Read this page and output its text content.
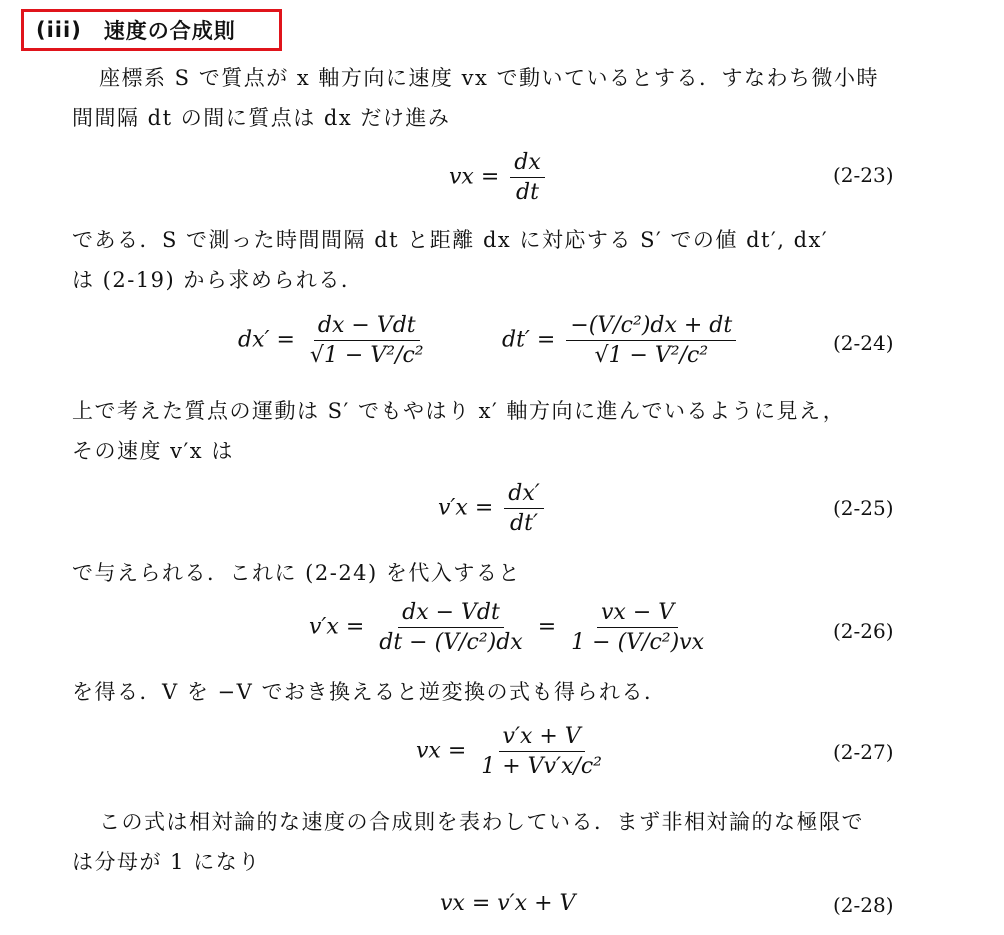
(iii) 速度の合成則
座標系 S で質点が x 軸方向に速度 vx で動いているとする．すなわち微小時
間間隔 dt の間に質点は dx だけ進み
vx = $\frac{dx}{dt}$	(2-23)
である．S で測った時間間隔 dt と距離 dx に対応する S′ での値 dt′, dx′
は (2-19) から求められる．
$dx' = \frac{\text{dx − Vdt}}{\text{√1 − V²/c²}}$	$dt' = \frac{\text{−(V/c²)dx + dt}}{\text{√1 − V²/c²}}$	(2-24)
上で考えた質点の運動は S′ でもやはり x′ 軸方向に進んでいるように見え，
その速度 v′x は
$v'x = \frac{dx'}{dt'}$	(2-25)
で与えられる．これに (2-24) を代入すると
$v'x = \frac{\text{dx − Vdt}}{\text{dt − (V/c²)dx}} = \frac{vx - V}{\text{1 − (V/c²)vx}}$	(2-26)
を得る．V を −V でおき換えると逆変換の式も得られる．
vx = $\frac{v'x + V}{\text{1 + Vv′x/c²}}$	(2-27)
この式は相対論的な速度の合成則を表わしている．まず非相対論的な極限で
は分母が 1 になり
vx = v′x + V	(2-28)
